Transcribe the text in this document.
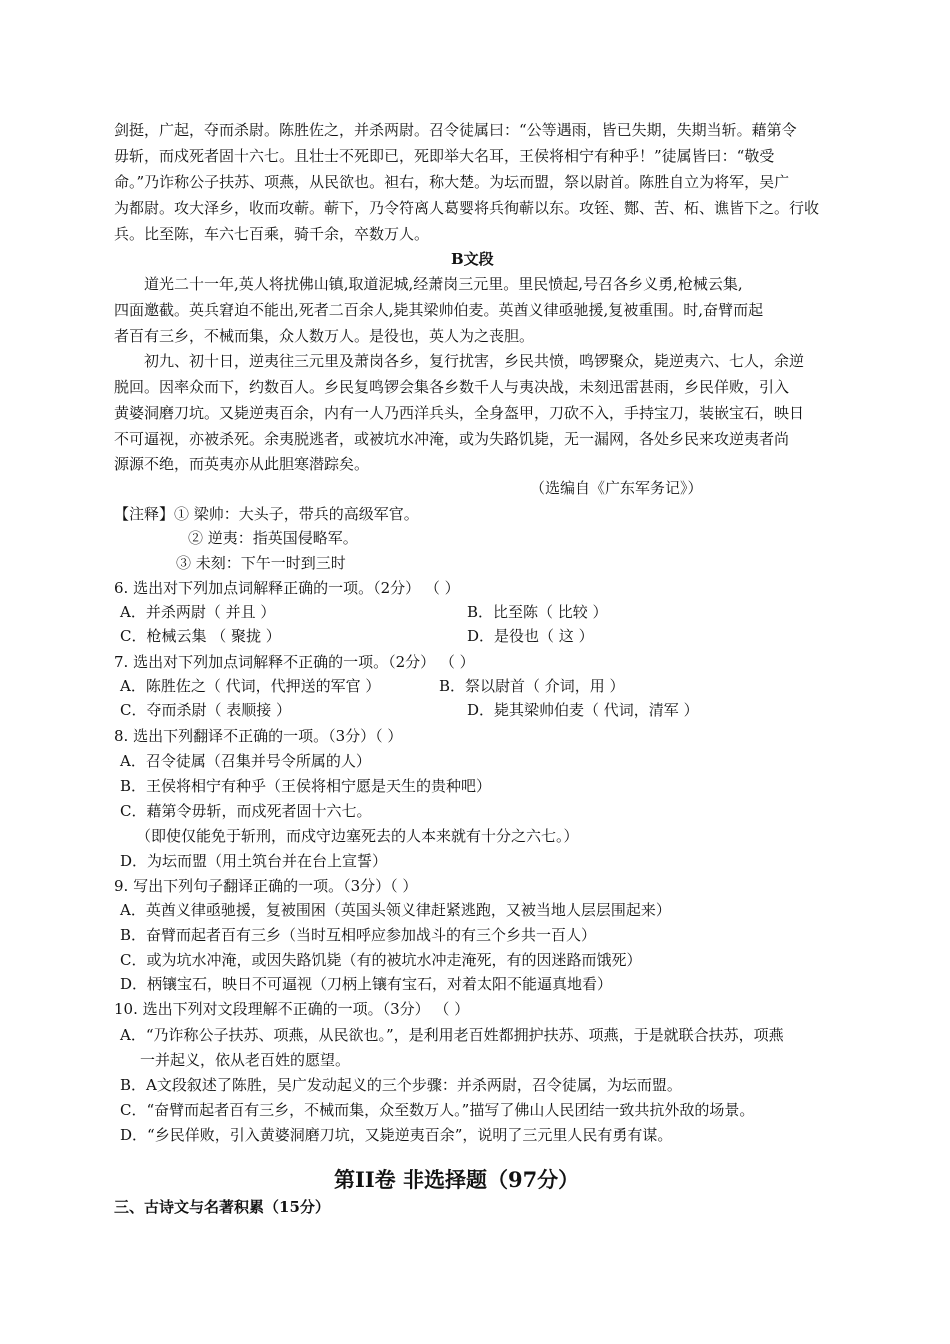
剑挺，广起，夺而杀尉。陈胜佐之，并杀两尉。召令徒属曰：“公等遇雨，皆已失期，失期当斩。藉第令
毋斩，而戍死者固十六七。且壮士不死即已，死即举大名耳，王侯将相宁有种乎！”徒属皆曰：“敬受
命。”乃诈称公子扶苏、项燕，从民欲也。袒右，称大楚。为坛而盟，祭以尉首。陈胜自立为将军，吴广
为都尉。攻大泽乡，收而攻蕲。蕲下，乃令符离人葛婴将兵徇蕲以东。攻铚、酂、苦、柘、谯皆下之。行收
兵。比至陈，车六七百乘，骑千余，卒数万人。
B文段
道光二十一年,英人将扰佛山镇,取道泥城,经萧岗三元里。里民愤起,号召各乡义勇,枪械云集,
四面邀截。英兵窘迫不能出,死者二百余人,毙其梁帅伯麦。英酋义律亟驰援,复被重围。时,奋臂而起
者百有三乡，不械而集，众人数万人。是役也，英人为之丧胆。
初九、初十日，逆夷往三元里及萧岗各乡，复行扰害，乡民共愤，鸣锣聚众，毙逆夷六、七人，余逆
脱回。因率众而下，约数百人。乡民复鸣锣会集各乡数千人与夷决战，未刻迅雷甚雨，乡民佯败，引入
黄婆洞磨刀坑。又毙逆夷百余，内有一人乃西洋兵头，全身盔甲，刀砍不入，手持宝刀，装嵌宝石，映日
不可逼视，亦被杀死。余夷脱逃者，或被坑水冲淹，或为失路饥毙，无一漏网，各处乡民来攻逆夷者尚
源源不绝，而英夷亦从此胆寒潜踪矣。
（选编自《广东军务记》）
【注释】① 梁帅：大头子，带兵的高级军官。
② 逆夷：指英国侵略军。
③ 未刻：下午一时到三时
6. 选出对下列加点词解释正确的一项。（2分） （ ）
A．并杀两尉（ 并且 ）	B．比至陈（ 比较 ）
C．枪械云集 （ 聚拢 ）	D．是役也（ 这 ）
7. 选出对下列加点词解释不正确的一项。（2分） （ ）
A．陈胜佐之（ 代词，代押送的军官 ）	B．祭以尉首（ 介词，用 ）
C．夺而杀尉（ 表顺接 ）	D．毙其梁帅伯麦（ 代词，清军 ）
8. 选出下列翻译不正确的一项。（3分）（ ）
A．召令徒属（召集并号令所属的人）
B．王侯将相宁有种乎（王侯将相宁愿是天生的贵种吧）
C．藉第令毋斩，而戍死者固十六七。
（即使仅能免于斩刑，而戍守边塞死去的人本来就有十分之六七。）
D．为坛而盟（用土筑台并在台上宣誓）
9. 写出下列句子翻译正确的一项。（3分）（ ）
A．英酋义律亟驰援，复被围困（英国头领义律赶紧逃跑，又被当地人层层围起来）
B．奋臂而起者百有三乡（当时互相呼应参加战斗的有三个乡共一百人）
C．或为坑水冲淹，或因失路饥毙（有的被坑水冲走淹死，有的因迷路而饿死）
D．柄镶宝石，映日不可逼视（刀柄上镶有宝石，对着太阳不能逼真地看）
10. 选出下列对文段理解不正确的一项。（3分） （ ）
A．“乃诈称公子扶苏、项燕，从民欲也。”，是利用老百姓都拥护扶苏、项燕，于是就联合扶苏，项燕
一并起义，依从老百姓的愿望。
B．A文段叙述了陈胜，吴广发动起义的三个步骤：并杀两尉，召令徒属，为坛而盟。
C．“奋臂而起者百有三乡，不械而集，众至数万人。”描写了佛山人民团结一致共抗外敌的场景。
D．“乡民佯败，引入黄婆洞磨刀坑，又毙逆夷百余”，说明了三元里人民有勇有谋。
第II卷 非选择题（97分）
三、古诗文与名著积累（15分）
